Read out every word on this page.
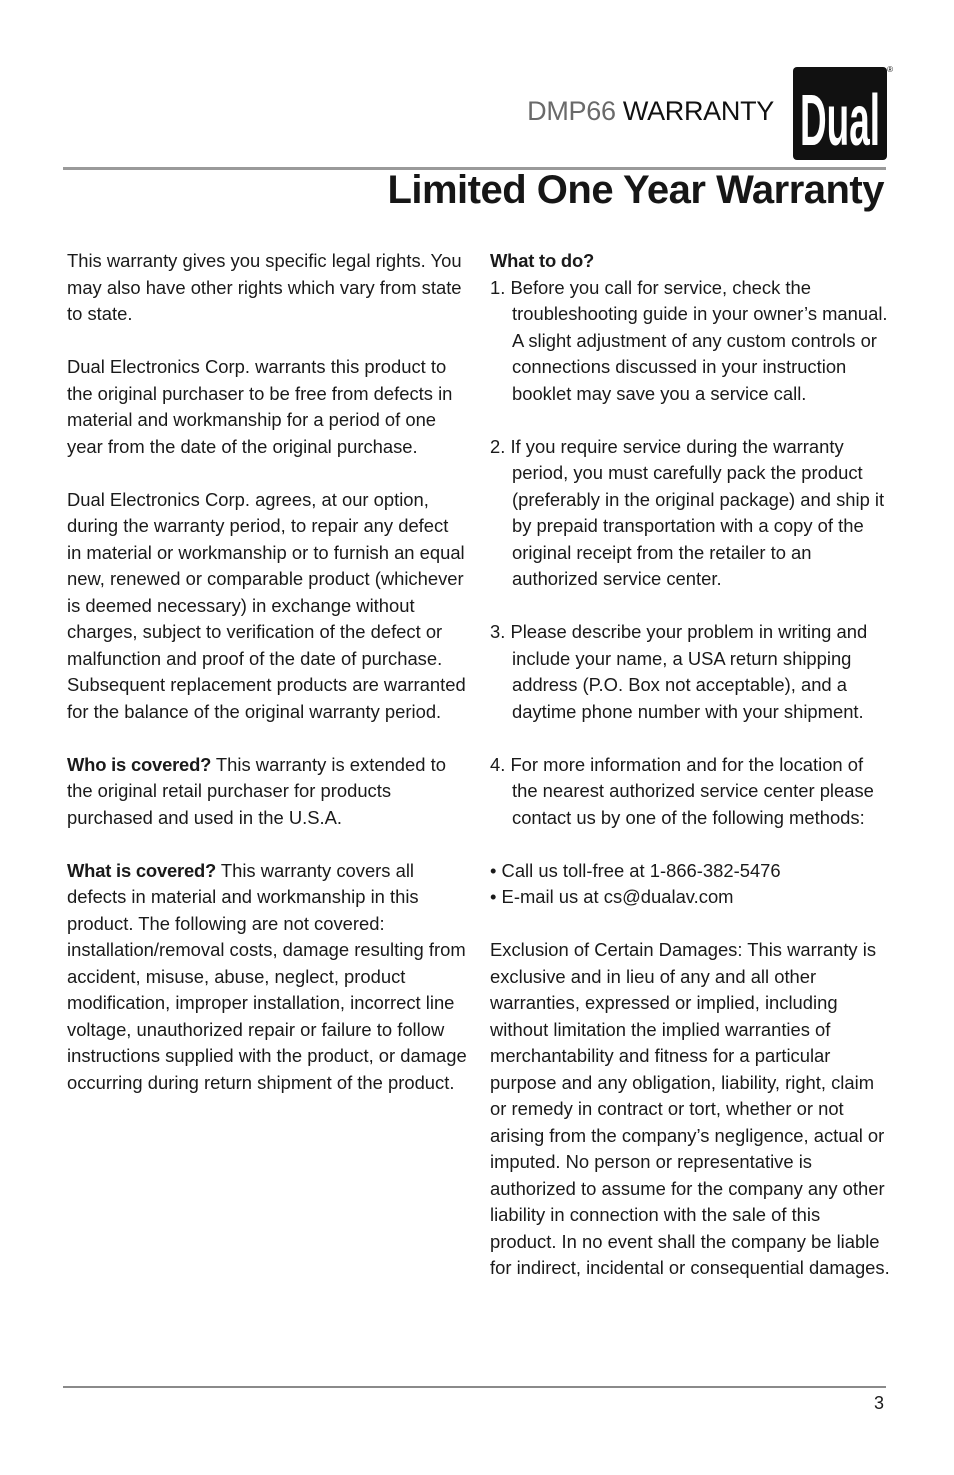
DMP66 WARRANTY Dual
®
Limited One Year Warranty

This warranty gives you specific legal rights. You may also have other rights which vary from state to state.

Dual Electronics Corp. warrants this product to the original purchaser to be free from defects in material and workmanship for a period of one year from the date of the original purchase.

Dual Electronics Corp. agrees, at our option, during the warranty period, to repair any defect in material or workmanship or to furnish an equal new, renewed or comparable product (whichever is deemed necessary) in exchange without charges, subject to verification of the defect or malfunction and proof of the date of purchase. Subsequent replacement products are warranted for the balance of the original warranty period.

Who is covered? This warranty is extended to the original retail purchaser for products purchased and used in the U.S.A.

What is covered? This warranty covers all defects in material and workmanship in this product. The following are not covered: installation/removal costs, damage resulting from accident, misuse, abuse, neglect, product modification, improper installation, incorrect line voltage, unauthorized repair or failure to follow instructions supplied with the product, or damage occurring during return shipment of the product.

What to do?

1. Before you call for service, check the troubleshooting guide in your owner’s manual. A slight adjustment of any custom controls or connections discussed in your instruction booklet may save you a service call.

2. If you require service during the warranty period, you must carefully pack the product (preferably in the original package) and ship it by prepaid transportation with a copy of the original receipt from the retailer to an authorized service center.

3. Please describe your problem in writing and include your name, a USA return shipping address (P.O. Box not acceptable), and a daytime phone number with your shipment.

4. For more information and for the location of the nearest authorized service center please contact us by one of the following methods:

• Call us toll-free at 1-866-382-5476

• E-mail us at cs@dualav.com

Exclusion of Certain Damages: This warranty is exclusive and in lieu of any and all other warranties, expressed or implied, including without limitation the implied warranties of merchantability and fitness for a particular purpose and any obligation, liability, right, claim or remedy in contract or tort, whether or not arising from the company’s negligence, actual or imputed. No person or representative is authorized to assume for the company any other liability in connection with the sale of this product. In no event shall the company be liable for indirect, incidental or consequential damages.

3
